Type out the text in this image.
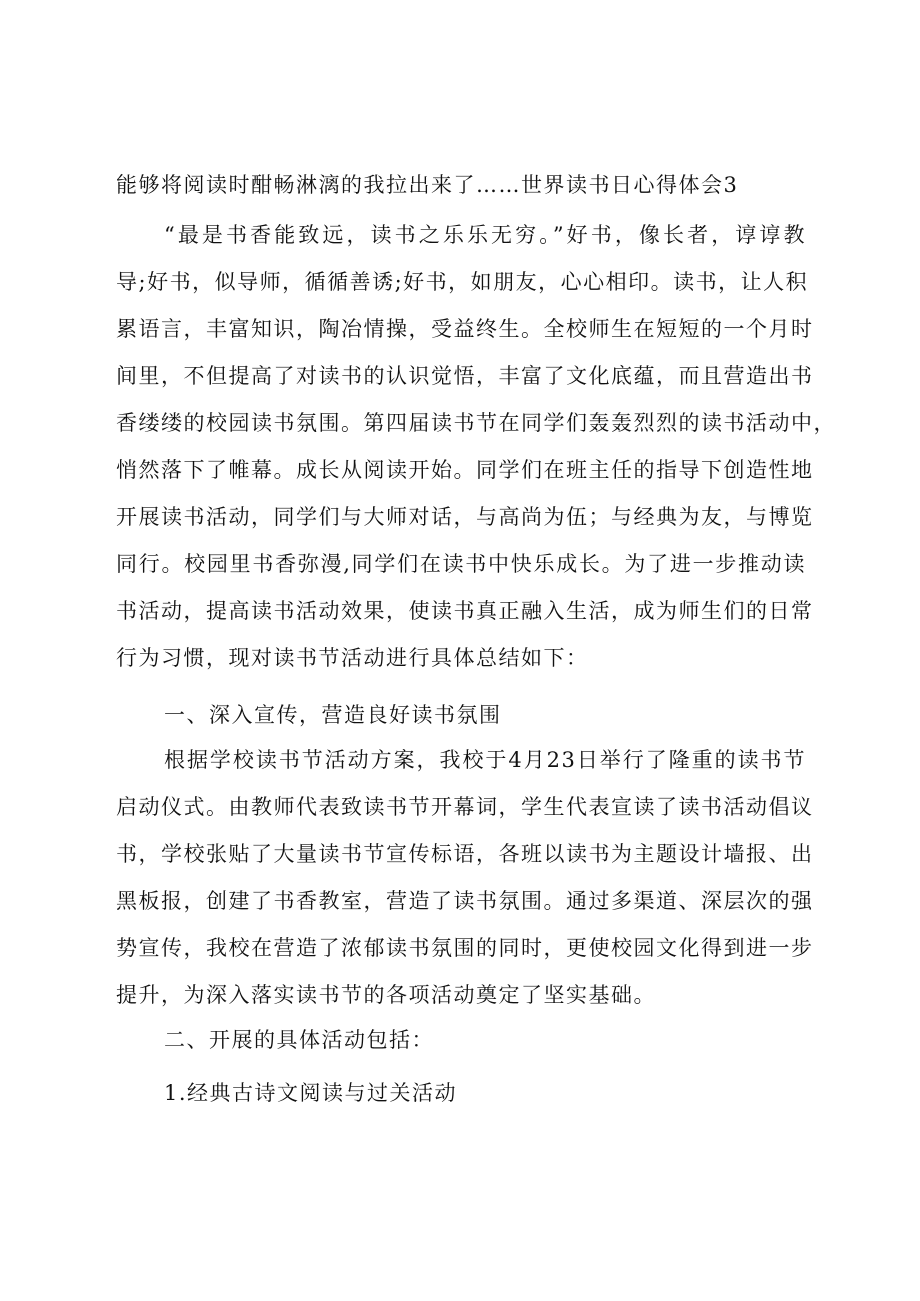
能够将阅读时酣畅淋漓的我拉出来了……世界读书日心得体会3
“最是书香能致远，读书之乐乐无穷。”好书，像长者，谆谆教
导;好书，似导师，循循善诱;好书，如朋友，心心相印。读书，让人积
累语言，丰富知识，陶冶情操，受益终生。全校师生在短短的一个月时
间里，不但提高了对读书的认识觉悟，丰富了文化底蕴，而且营造出书
香缕缕的校园读书氛围。第四届读书节在同学们轰轰烈烈的读书活动中，
悄然落下了帷幕。成长从阅读开始。同学们在班主任的指导下创造性地
开展读书活动，同学们与大师对话，与高尚为伍；与经典为友，与博览
同行。校园里书香弥漫,同学们在读书中快乐成长。为了进一步推动读
书活动，提高读书活动效果，使读书真正融入生活，成为师生们的日常
行为习惯，现对读书节活动进行具体总结如下：
一、深入宣传，营造良好读书氛围
根据学校读书节活动方案，我校于4月23日举行了隆重的读书节
启动仪式。由教师代表致读书节开幕词，学生代表宣读了读书活动倡议
书，学校张贴了大量读书节宣传标语，各班以读书为主题设计墙报、出
黑板报，创建了书香教室，营造了读书氛围。通过多渠道、深层次的强
势宣传，我校在营造了浓郁读书氛围的同时，更使校园文化得到进一步
提升，为深入落实读书节的各项活动奠定了坚实基础。
二、开展的具体活动包括：
1.经典古诗文阅读与过关活动
